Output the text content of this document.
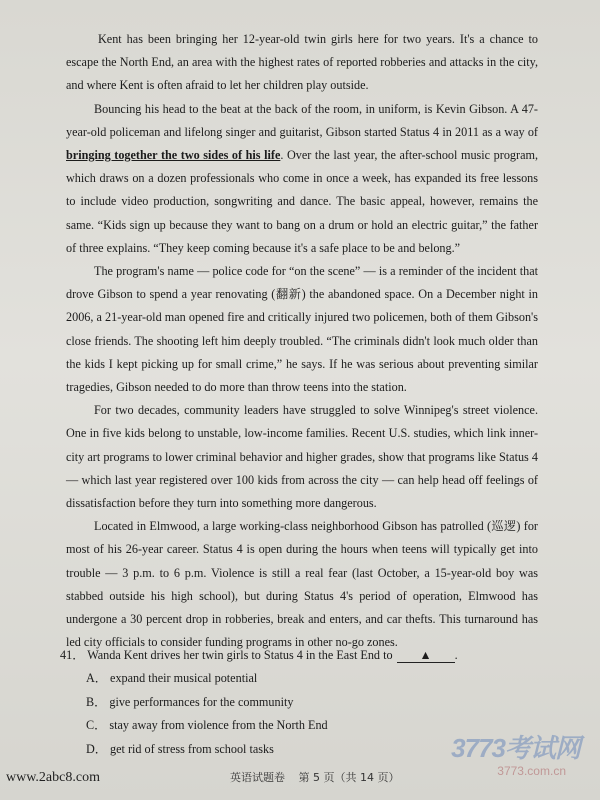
Kent has been bringing her 12-year-old twin girls here for two years. It's a chance to escape the North End, an area with the highest rates of reported robberies and attacks in the city, and where Kent is often afraid to let her children play outside.

Bouncing his head to the beat at the back of the room, in uniform, is Kevin Gibson. A 47-year-old policeman and lifelong singer and guitarist, Gibson started Status 4 in 2011 as a way of bringing together the two sides of his life. Over the last year, the after-school music program, which draws on a dozen professionals who come in once a week, has expanded its free lessons to include video production, songwriting and dance. The basic appeal, however, remains the same. “Kids sign up because they want to bang on a drum or hold an electric guitar,” the father of three explains. “They keep coming because it's a safe place to be and belong.”

The program's name — police code for “on the scene” — is a reminder of the incident that drove Gibson to spend a year renovating (翻新) the abandoned space. On a December night in 2006, a 21-year-old man opened fire and critically injured two policemen, both of them Gibson's close friends. The shooting left him deeply troubled. “The criminals didn't look much older than the kids I kept picking up for small crime,” he says. If he was serious about preventing similar tragedies, Gibson needed to do more than throw teens into the station.

For two decades, community leaders have struggled to solve Winnipeg's street violence. One in five kids belong to unstable, low-income families. Recent U.S. studies, which link inner-city art programs to lower criminal behavior and higher grades, show that programs like Status 4 — which last year registered over 100 kids from across the city — can help head off feelings of dissatisfaction before they turn into something more dangerous.

Located in Elmwood, a large working-class neighborhood Gibson has patrolled (巡逻) for most of his 26-year career. Status 4 is open during the hours when teens will typically get into trouble — 3 p.m. to 6 p.m. Violence is still a real fear (last October, a 15-year-old boy was stabbed outside his high school), but during Status 4's period of operation, Elmwood has undergone a 30 percent drop in robberies, break and enters, and car thefts. This turnaround has led city officials to consider funding programs in other no-go zones.

41． Wanda Kent drives her twin girls to Status 4 in the East End to ▲ .

A． expand their musical potential
B． give performances for the community
C． stay away from violence from the North End
D． get rid of stress from school tasks
www.2abc8.com	英语试题卷 第 5 页（共 14 页）
3773考试网
3773.com.cn
